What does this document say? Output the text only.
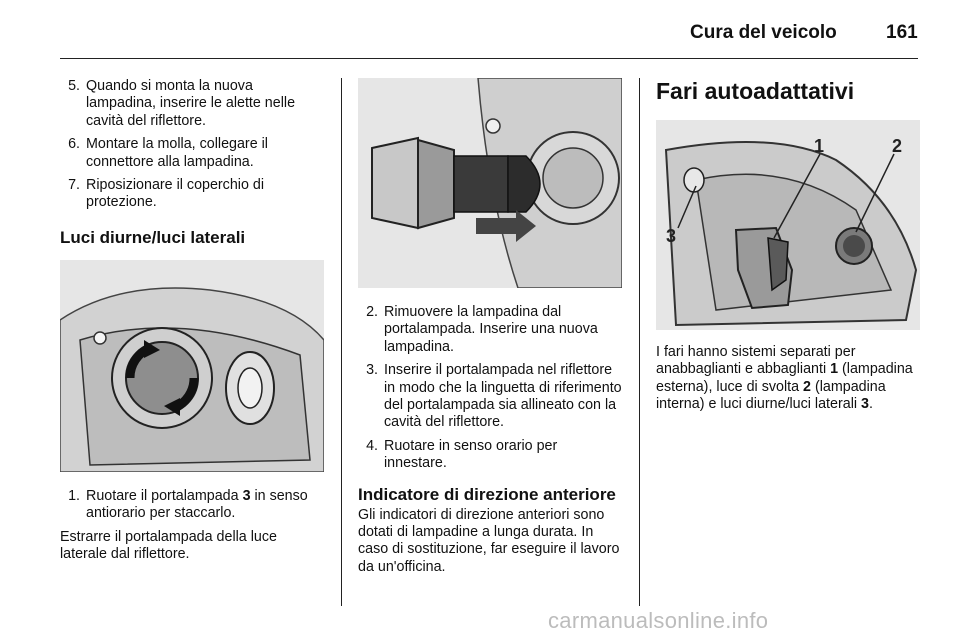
Cura del veicolo	161
5. Quando si monta la nuova lampadina, inserire le alette nelle cavità del riflettore.
6. Montare la molla, collegare il connettore alla lampadina.
7. Riposizionare il coperchio di protezione.
Luci diurne/luci laterali
1. Ruotare il portalampada 3 in senso antiorario per staccarlo.

Estrarre il portalampada della luce laterale dal riflettore.

2. Rimuovere la lampadina dal portalampada. Inserire una nuova lampadina.
3. Inserire il portalampada nel riflettore in modo che la linguetta di riferimento del portalampada sia allineato con la cavità del riflettore.
4. Ruotare in senso orario per innestare.
Indicatore di direzione anteriore

Gli indicatori di direzione anteriori sono dotati di lampadine a lunga durata. In caso di sostituzione, far eseguire il lavoro da un'officina.

Fari autoadattativi
1	2
3

I fari hanno sistemi separati per anabbaglianti e abbaglianti 1 (lampadina esterna), luce di svolta 2 (lampadina interna) e luci diurne/luci laterali 3.

carmanualsonline.info
